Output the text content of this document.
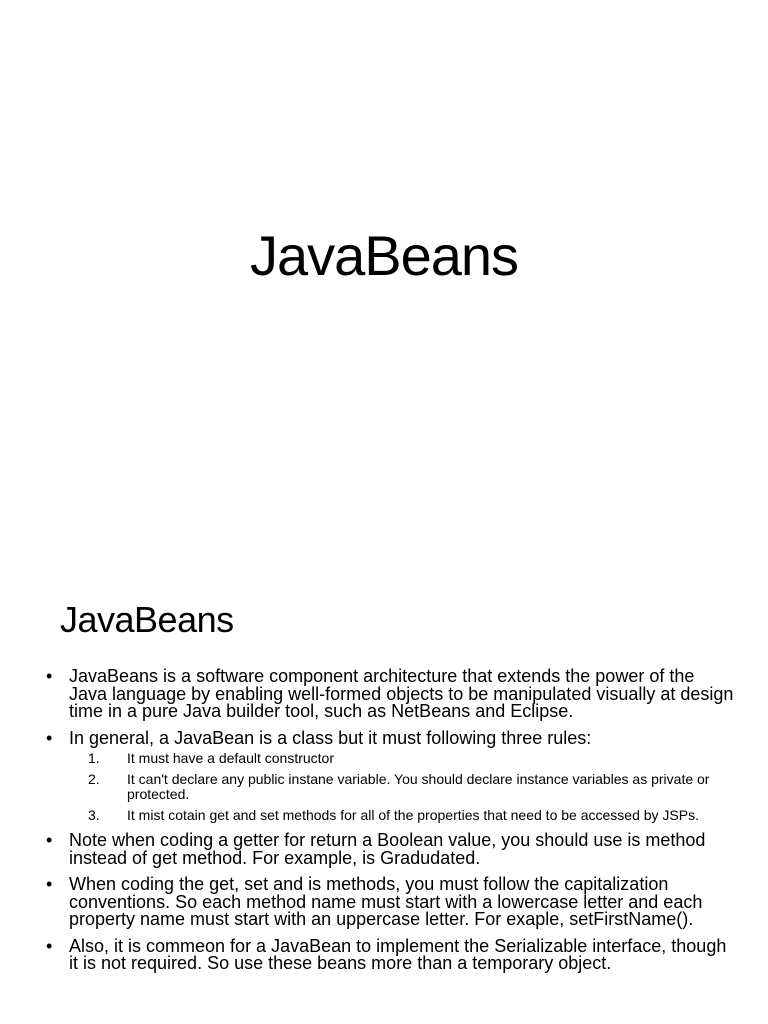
JavaBeans
JavaBeans
• JavaBeans is a software component architecture that extends the power of the Java language by enabling well-formed objects to be manipulated visually at design time in a pure Java builder tool, such as NetBeans and Eclipse.
• In general, a JavaBean is a class but it must following three rules:
1. It must have a default constructor
2. It can't declare any public instane variable. You should declare instance variables as private or protected.
3. It mist cotain get and set methods for all of the properties that need to be accessed by JSPs.
• Note when coding a getter for return a Boolean value, you should use is method instead of get method. For example, is Gradudated.
• When coding the get, set and is methods, you must follow the capitalization conventions. So each method name must start with a lowercase letter and each property name must start with an uppercase letter. For exaple, setFirstName().
• Also, it is commeon for a JavaBean to implement the Serializable interface, though it is not required. So use these beans more than a temporary object.
